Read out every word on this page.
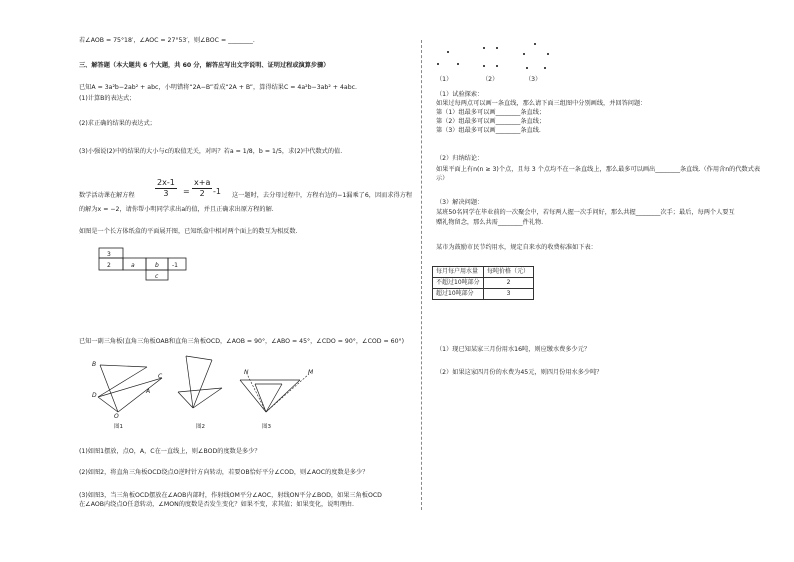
若∠AOB = 75°18′，∠AOC = 27°53′，则∠BOC = ________.
三、解答题（本大题共 6 个大题，共 60 分，解答应写出文字说明、证明过程或演算步骤）
已知A = 3a²b−2ab² + abc，小明错将“2A−B”看成“2A + B”，算得结果C = 4a²b−3ab² + 4abc.
(1)计算B的表达式；
(2)求正确的结果的表达式；
(3)小强说(2)中的结果的大小与c的取值无关，对吗？若a = 1/8，b = 1/5，求(2)中代数式的值.
数学活动课在解方程	$\frac{2x-1}{3} = \frac{x+a}{2} -1$ 这一题时，去分母过程中，方程右边的−1漏乘了6，因而求得方程
的解为x = −2，请你帮小明同学求出a的值，并且正确求出原方程的解.
如图是一个长方体纸盒的平面展开图，已知纸盒中相对两个面上的数互为相反数.
3
2	a	b -1
c
B
C
D
A
O
图1	图2
N	M
图3
已知一副三角板(直角三角板OAB和直角三角板OCD，∠AOB = 90°，∠ABO = 45°，∠CDO = 90°，∠COD = 60°)
(1)如图1摆放，点O，A，C在一直线上，则∠BOD的度数是多少？
(2)如图2，将直角三角板OCD绕点O逆时针方向转动，若要OB恰好平分∠COD，则∠AOC的度数是多少？
(3)如图3，当三角板OCD摆放在∠AOB内部时，作射线OM平分∠AOC，射线ON平分∠BOD，如果三角板OCD
在∠AOB内绕点O任意转动，∠MON的度数是否发生变化？如果不变，求其值；如果变化，说明理由.
（1）	（2）	（3）
（1）试验探索：
如果过每两点可以画一条直线，那么请下面三组图中分别画线，并回答问题：
第（1）组最多可以画________条直线；
第（2）组最多可以画________条直线；
第（3）组最多可以画________条直线.
（2）归纳结论：
如果平面上有n(n ≥ 3)个点，且每 3 个点均不在一条直线上，那么最多可以画出________条直线.（作用含n的代数式表
示）
（3）解决问题：
某班50名同学在毕业前的一次聚会中，若每两人握一次手问好，那么共握________次手；最后，每两个人要互
赠礼物留念，那么共需________件礼物.
某市为鼓励市民节约用水，规定自来水的收费标准如下表：
每月每户用水量	每吨价格（元）
不超过10吨部分	2
超过10吨部分	3
（1）现已知某家三月份用水16吨，则应缴水费多少元？
（2）如果这家四月份的水费为45元，则四月份用水多少吨？
